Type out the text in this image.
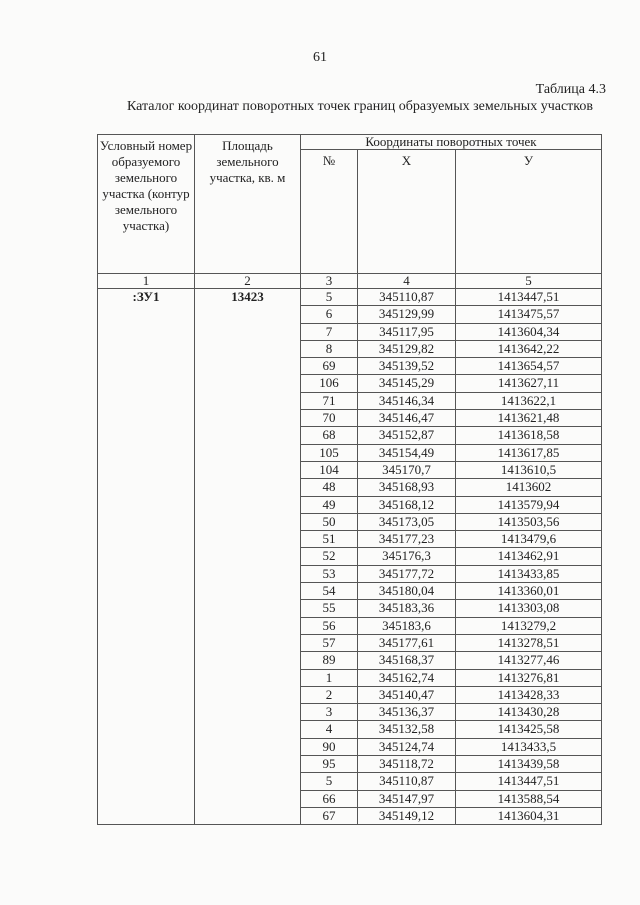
61
Таблица 4.3
Каталог координат поворотных точек границ образуемых земельных участков
Условный номер образуемого земельного участка (контур земельного участка)	Площадь земельного участка, кв. м	Координаты поворотных точек		
		№	X	У
1	2	3	4	5
:ЗУ1	13423	5	345110,87	1413447,51
		6	345129,99	1413475,57
		7	345117,95	1413604,34
		8	345129,82	1413642,22
		69	345139,52	1413654,57
		106	345145,29	1413627,11
		71	345146,34	1413622,1
		70	345146,47	1413621,48
		68	345152,87	1413618,58
		105	345154,49	1413617,85
		104	345170,7	1413610,5
		48	345168,93	1413602
		49	345168,12	1413579,94
		50	345173,05	1413503,56
		51	345177,23	1413479,6
		52	345176,3	1413462,91
		53	345177,72	1413433,85
		54	345180,04	1413360,01
		55	345183,36	1413303,08
		56	345183,6	1413279,2
		57	345177,61	1413278,51
		89	345168,37	1413277,46
		1	345162,74	1413276,81
		2	345140,47	1413428,33
		3	345136,37	1413430,28
		4	345132,58	1413425,58
		90	345124,74	1413433,5
		95	345118,72	1413439,58
		5	345110,87	1413447,51
		66	345147,97	1413588,54
		67	345149,12	1413604,31
